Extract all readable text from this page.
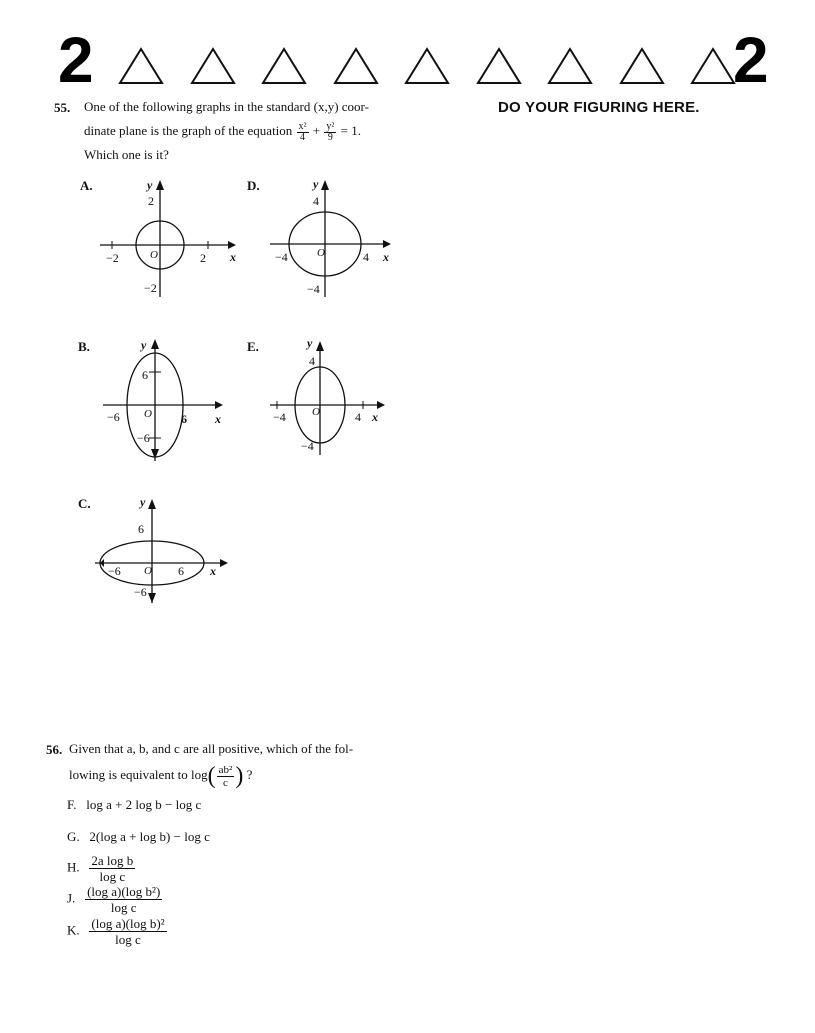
2	2
DO YOUR FIGURING HERE.
55. One of the following graphs in the standard (x,y) coor-
dinate plane is the graph of the equation $\frac{\text{x²}}{4} + \frac{\text{y²}}{9} = 1$.
Which one is it?
A.
B.
C.
D.
E.
y
x
2
−2
−2	2
O
y
x
4
−4
−4	4
O
y
x
6
−6
−6	6
O
y
x
4
−4
−4	4
O
y
x
6
−6
−6	6
O
56. Given that a, b, and c are all positive, which of the fol-
lowing is equivalent to $\log( \frac{\text{ab²}}{c}$ ) ?
F. log a + 2 log b − log c
G. 2(log a + log b) − log c
H. $\frac{\text{2a log b}}{\text{log c}}$
J. $\frac{\text{(log a)(log b²)}}{\text{log c}}$
K. $\frac{\text{(log a)(log b)²}}{\text{log c}}$
